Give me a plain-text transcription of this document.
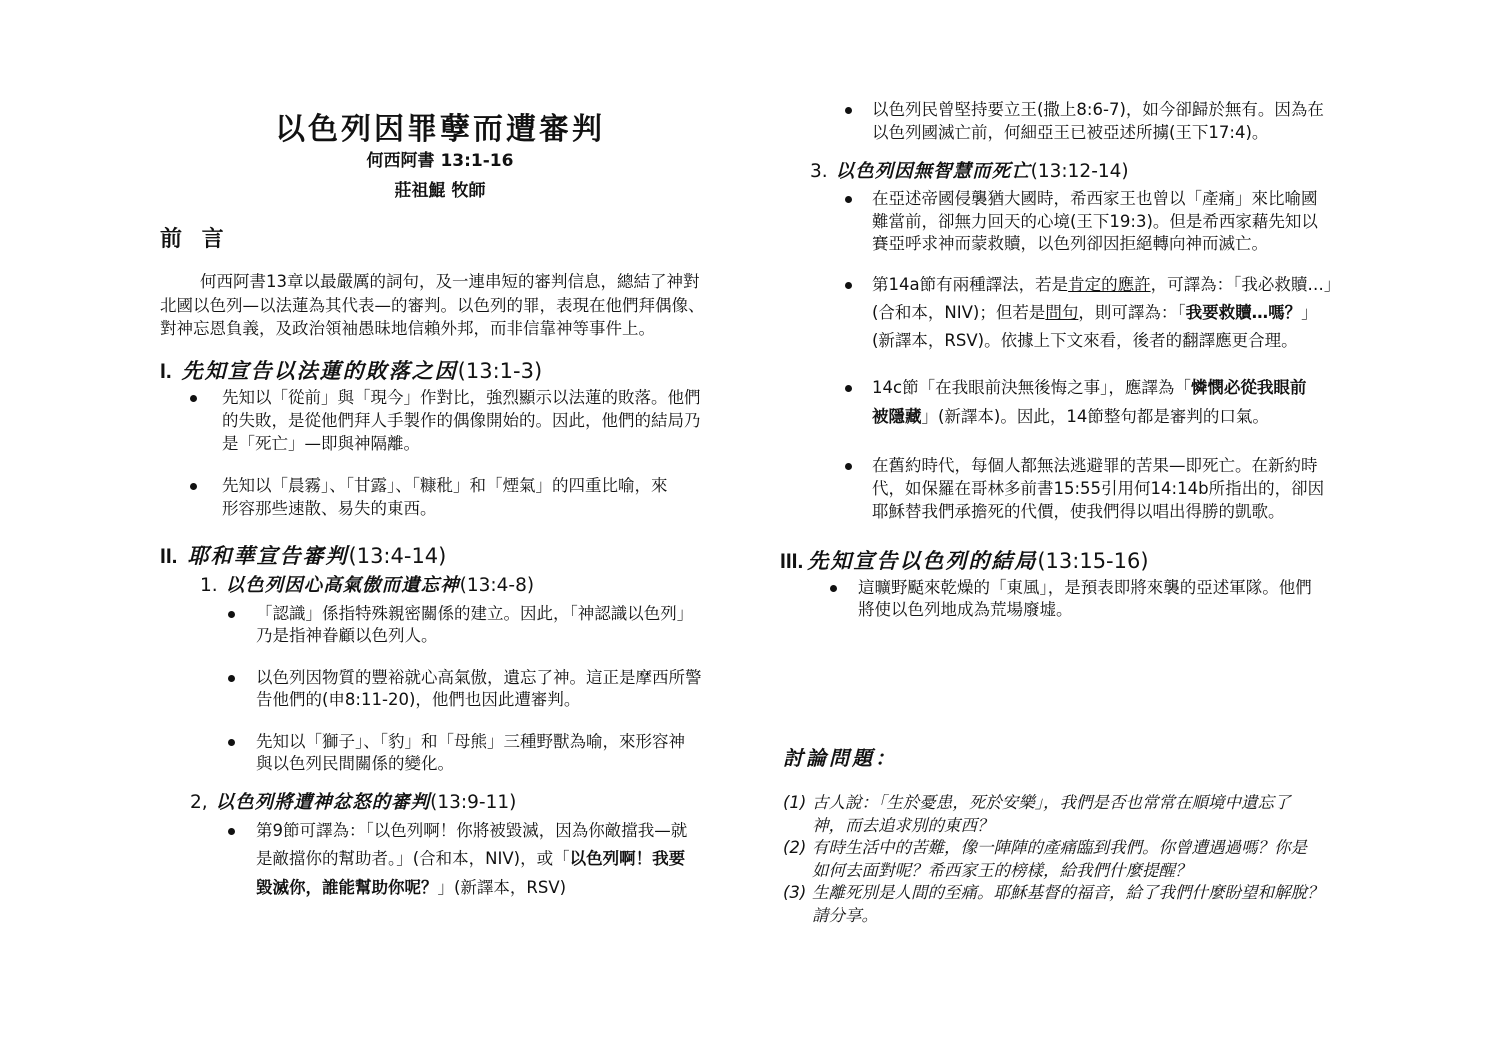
以色列因罪孽而遭審判
何西阿書 13:1-16
莊祖鯤 牧師
前 言
何西阿書13章以最嚴厲的詞句，及一連串短的審判信息，總結了神對
北國以色列—以法蓮為其代表—的審判。以色列的罪，表現在他們拜偶像、
對神忘恩負義，及政治領袖愚昧地信賴外邦，而非信靠神等事件上。
I. 先知宣告以法蓮的敗落之因(13:1-3)
先知以「從前」與「現今」作對比，強烈顯示以法蓮的敗落。他們
的失敗，是從他們拜人手製作的偶像開始的。因此，他們的結局乃
是「死亡」—即與神隔離。
先知以「晨霧」、「甘露」、「糠秕」和「煙氣」的四重比喻，來
形容那些速散、易失的東西。
II. 耶和華宣告審判(13:4-14)
1. 以色列因心高氣傲而遺忘神(13:4-8)
「認識」係指特殊親密關係的建立。因此，「神認識以色列」
乃是指神眷顧以色列人。
以色列因物質的豐裕就心高氣傲，遺忘了神。這正是摩西所警
告他們的(申8:11-20)，他們也因此遭審判。
先知以「獅子」、「豹」和「母熊」三種野獸為喻，來形容神
與以色列民間關係的變化。
2, 以色列將遭神忿怒的審判(13:9-11)
第9節可譯為：「以色列啊！你將被毀滅，因為你敵擋我—就
是敵擋你的幫助者。」(合和本，NIV)，或「以色列啊！我要
毀滅你，誰能幫助你呢？」(新譯本，RSV)
以色列民曾堅持要立王(撒上8:6-7)，如今卻歸於無有。因為在
以色列國滅亡前，何細亞王已被亞述所擄(王下17:4)。
3. 以色列因無智慧而死亡(13:12-14)
在亞述帝國侵襲猶大國時，希西家王也曾以「產痛」來比喻國
難當前，卻無力回天的心境(王下19:3)。但是希西家藉先知以
賽亞呼求神而蒙救贖，以色列卻因拒絕轉向神而滅亡。
第14a節有兩種譯法，若是肯定的應許，可譯為：「我必救贖…」
(合和本，NIV)；但若是問句，則可譯為：「我要救贖…嗎？」
(新譯本，RSV)。依據上下文來看，後者的翻譯應更合理。
14c節「在我眼前決無後悔之事」，應譯為「憐憫必從我眼前
被隱藏」(新譯本)。因此，14節整句都是審判的口氣。
在舊約時代，每個人都無法逃避罪的苦果—即死亡。在新約時
代，如保羅在哥林多前書15:55引用何14:14b所指出的，卻因
耶穌替我們承擔死的代價，使我們得以唱出得勝的凱歌。
III. 先知宣告以色列的結局(13:15-16)
這曠野颳來乾燥的「東風」，是預表即將來襲的亞述軍隊。他們
將使以色列地成為荒場廢墟。
討論問題：
(1) 古人說：「生於憂患，死於安樂」，我們是否也常常在順境中遺忘了
神，而去追求別的東西？
(2) 有時生活中的苦難，像一陣陣的產痛臨到我們。你曾遭遇過嗎？你是
如何去面對呢？希西家王的榜樣，給我們什麼提醒？
(3) 生離死別是人間的至痛。耶穌基督的福音，給了我們什麼盼望和解脫？
請分享。
